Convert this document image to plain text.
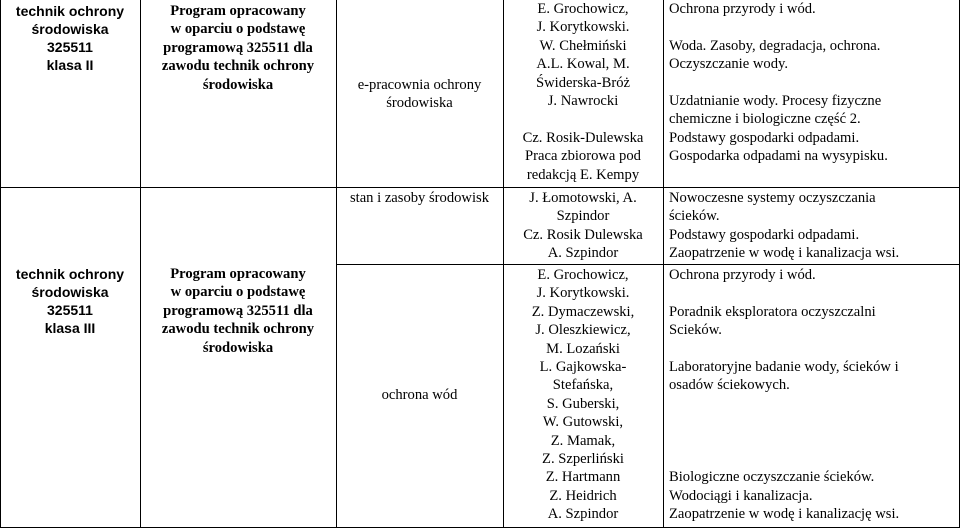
technik ochrony
środowiska
325511
klasa II
Program opracowany
w oparciu o podstawę
programową 325511 dla
zawodu technik ochrony
środowiska
technik ochrony
środowiska
325511
klasa III
Program opracowany
w oparciu o podstawę
programową 325511 dla
zawodu technik ochrony
środowiska
e-pracownia ochrony
środowiska
stan i zasoby środowisk
ochrona wód
E. Grochowicz,
J. Korytkowski.
W. Chełmiński
A.L. Kowal, M.
Świderska-Bróż
J. Nawrocki

Cz. Rosik-Dulewska
Praca zbiorowa pod
redakcją E. Kempy
J. Łomotowski, A.
Szpindor
Cz. Rosik Dulewska
A. Szpindor
E. Grochowicz,
J. Korytkowski.
Z. Dymaczewski,
J. Oleszkiewicz,
M. Lozański
L. Gajkowska-
Stefańska,
S. Guberski,
W. Gutowski,
Z. Mamak,
Z. Szperliński
Z. Hartmann
Z. Heidrich
A. Szpindor
Ochrona przyrody i wód.

Woda. Zasoby, degradacja, ochrona.
Oczyszczanie wody.

Uzdatnianie wody. Procesy fizyczne
chemiczne i biologiczne część 2.
Podstawy gospodarki odpadami.
Gospodarka odpadami na wysypisku.
Nowoczesne systemy oczyszczania
ścieków.
Podstawy gospodarki odpadami.
Zaopatrzenie w wodę i kanalizacja wsi.
Ochrona przyrody i wód.

Poradnik eksploratora oczyszczalni
Scieków.

Laboratoryjne badanie wody, ścieków i
osadów ściekowych.

Biologiczne oczyszczanie ścieków.
Wodociągi i kanalizacja.
Zaopatrzenie w wodę i kanalizację wsi.
